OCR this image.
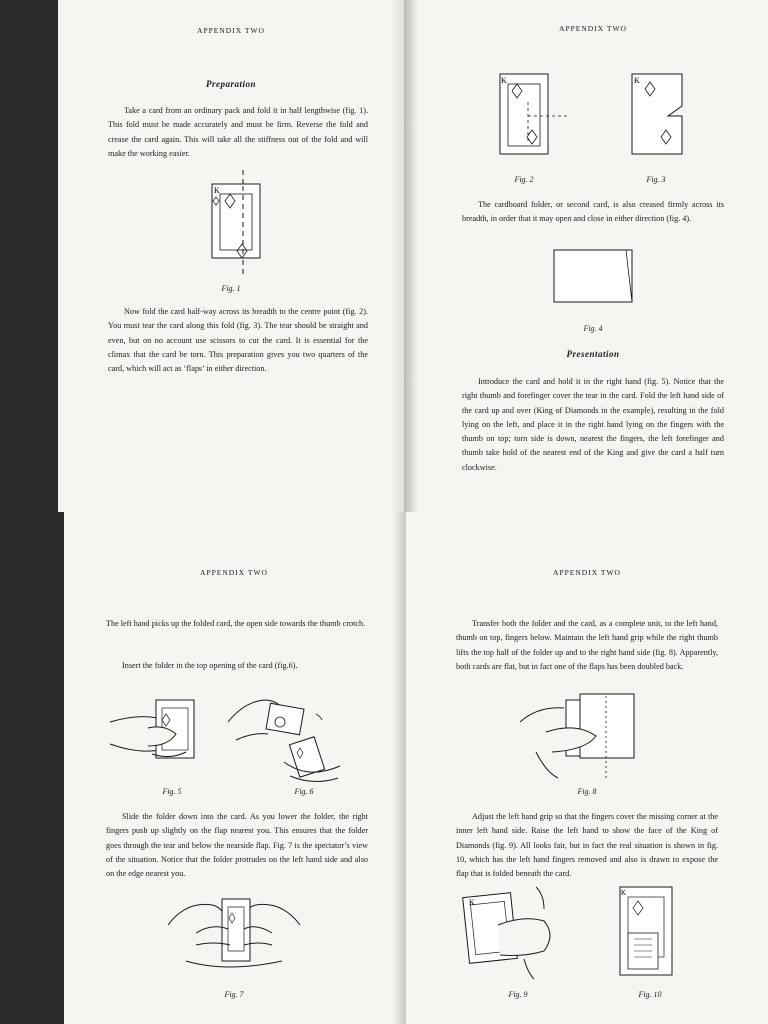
APPENDIX TWO
Preparation

Take a card from an ordinary pack and fold it in half lengthwise (fig. 1). This fold must be made accurately and must be firm. Reverse the fold and crease the card again. This will take all the stiffness out of the fold and will make the working easier.

K
Fig. 1

Now fold the card half-way across its breadth to the centre point (fig. 2). You must tear the card along this fold (fig. 3). The tear should be straight and even, but on no account use scissors to cut the card. It is essential for the climax that the card be torn. This preparation gives you two quarters of the card, which will act as ‘flaps’ in either direction.

APPENDIX TWO
K	K
Fig. 2	Fig. 3

The cardboard folder, or second card, is also creased firmly across its breadth, in order that it may open and close in either direction (fig. 4).

Fig. 4
Presentation

Introduce the card and hold it in the right hand (fig. 5). Notice that the right thumb and forefinger cover the tear in the card. Fold the left hand side of the card up and over (King of Diamonds in the example), resulting in the fold lying on the left, and place it in the right hand lying on the fingers with the thumb on top; torn side is down, nearest the fingers, the left forefinger and thumb take hold of the nearest end of the King and give the card a half turn clockwise.

APPENDIX TWO

The left hand picks up the folded card, the open side towards the thumb crotch.

Insert the folder in the top opening of the card (fig.6).

Fig. 5	Fig. 6

Slide the folder down into the card. As you lower the folder, the right fingers push up slightly on the flap nearest you. This ensures that the folder goes through the tear and below the nearside flap. Fig. 7 is the spectator’s view of the situation. Notice that the folder protrudes on the left hand side and also on the edge nearest you.

Fig. 7
APPENDIX TWO

Transfer both the folder and the card, as a complete unit, to the left hand, thumb on top, fingers below. Maintain the left hand grip while the right thumb lifts the top half of the folder up and to the right hand side (fig. 8). Apparently, both cards are flat, but in fact one of the flaps has been doubled back.

Fig. 8

Adjust the left hand grip so that the fingers cover the missing corner at the inner left hand side. Raise the left hand to show the face of the King of Diamonds (fig. 9). All looks fair, but in fact the real situation is shown in fig. 10, which has the left hand fingers removed and also is drawn to expose the flap that is folded beneath the card.

K
K
Fig. 9	Fig. 10
